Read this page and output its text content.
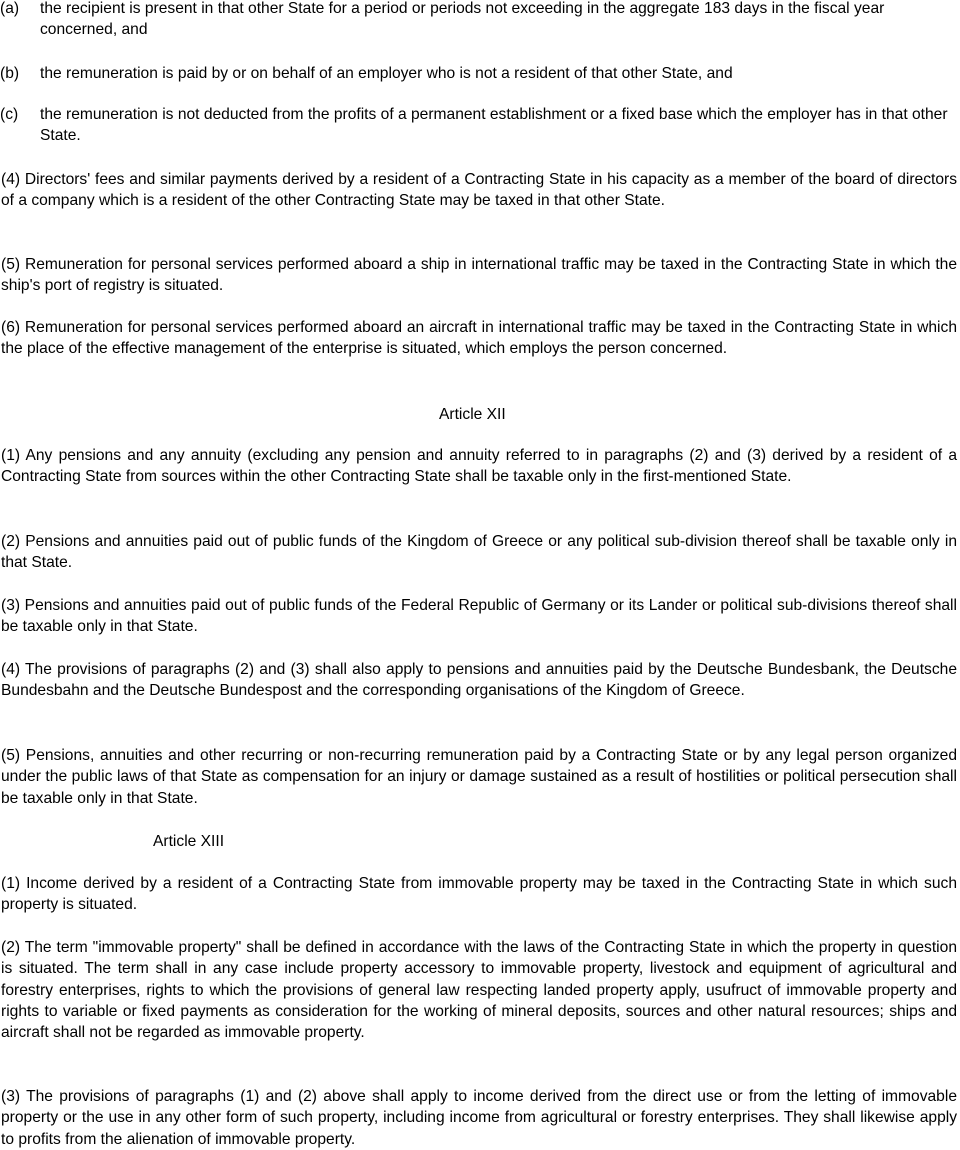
(a) the recipient is present in that other State for a period or periods not exceeding in the aggregate 183 days in the fiscal year concerned, and
(b) the remuneration is paid by or on behalf of an employer who is not a resident of that other State, and
(c) the remuneration is not deducted from the profits of a permanent establishment or a fixed base which the employer has in that other State.
(4) Directors' fees and similar payments derived by a resident of a Contracting State in his capacity as a member of the board of directors of a company which is a resident of the other Contracting State may be taxed in that other State.
(5) Remuneration for personal services performed aboard a ship in international traffic may be taxed in the Contracting State in which the ship's port of registry is situated.
(6) Remuneration for personal services performed aboard an aircraft in international traffic may be taxed in the Contracting State in which the place of the effective management of the enterprise is situated, which employs the person concerned.
Article XII
(1) Any pensions and any annuity (excluding any pension and annuity referred to in paragraphs (2) and (3) derived by a resident of a Contracting State from sources within the other Contracting State shall be taxable only in the first-mentioned State.
(2) Pensions and annuities paid out of public funds of the Kingdom of Greece or any political sub-division thereof shall be taxable only in that State.
(3) Pensions and annuities paid out of public funds of the Federal Republic of Germany or its Lander or political sub-divisions thereof shall be taxable only in that State.
(4) The provisions of paragraphs (2) and (3) shall also apply to pensions and annuities paid by the Deutsche Bundesbank, the Deutsche Bundesbahn and the Deutsche Bundespost and the corresponding organisations of the Kingdom of Greece.
(5) Pensions, annuities and other recurring or non-recurring remuneration paid by a Contracting State or by any legal person organized under the public laws of that State as compensation for an injury or damage sustained as a result of hostilities or political persecution shall be taxable only in that State.
Article XIII
(1) Income derived by a resident of a Contracting State from immovable property may be taxed in the Contracting State in which such property is situated.
(2) The term "immovable property" shall be defined in accordance with the laws of the Contracting State in which the property in question is situated. The term shall in any case include property accessory to immovable property, livestock and equipment of agricultural and forestry enterprises, rights to which the provisions of general law respecting landed property apply, usufruct of immovable property and rights to variable or fixed payments as consideration for the working of mineral deposits, sources and other natural resources; ships and aircraft shall not be regarded as immovable property.
(3) The provisions of paragraphs (1) and (2) above shall apply to income derived from the direct use or from the letting of immovable property or the use in any other form of such property, including income from agricultural or forestry enterprises. They shall likewise apply to profits from the alienation of immovable property.
